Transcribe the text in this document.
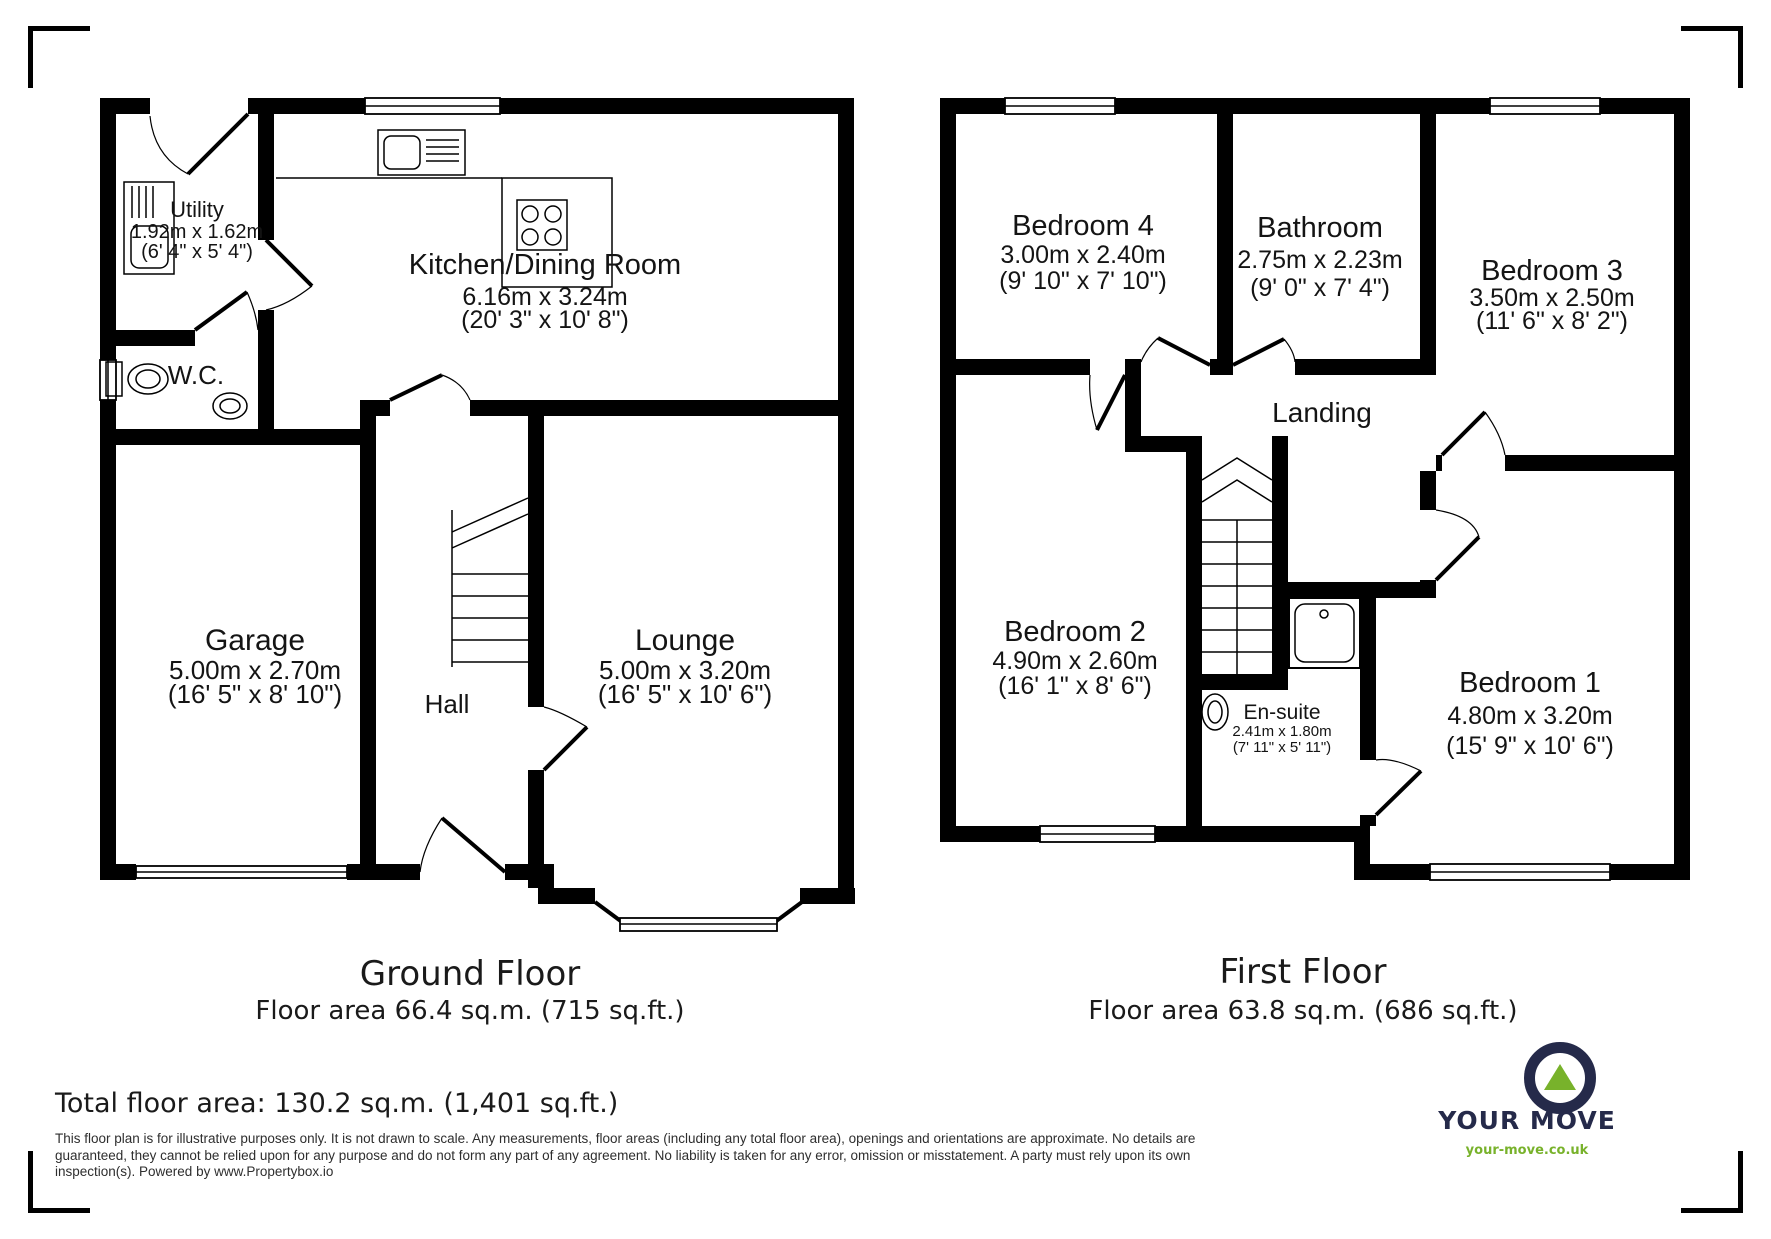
Utility
1.92m x 1.62m
(6' 4" x 5' 4")
W.C.
Kitchen/Dining Room
6.16m x 3.24m
(20' 3" x 10' 8")
Garage
5.00m x 2.70m
(16' 5" x 8' 10")	Hall
Lounge
5.00m x 3.20m
(16' 5" x 10' 6")
Bedroom 4
3.00m x 2.40m
(9' 10" x 7' 10")
Bathroom
2.75m x 2.23m
(9' 0" x 7' 4")
Bedroom 3
3.50m x 2.50m
(11' 6" x 8' 2")
Landing
Bedroom 2
4.90m x 2.60m
(16' 1" x 8' 6")
En-suite
2.41m x 1.80m
(7' 11" x 5' 11")
Bedroom 1
4.80m x 3.20m
(15' 9" x 10' 6")
Ground Floor
Floor area 66.4 sq.m. (715 sq.ft.)
First Floor
Floor area 63.8 sq.m. (686 sq.ft.)
Total floor area: 130.2 sq.m. (1,401 sq.ft.)
This floor plan is for illustrative purposes only. It is not drawn to scale. Any measurements, floor areas (including any total floor area), openings and orientations are approximate. No details are
guaranteed, they cannot be relied upon for any purpose and do not form any part of any agreement. No liability is taken for any error, omission or misstatement. A party must rely upon its own
inspection(s). Powered by www.Propertybox.io
YOUR MOVE
your-move.co.uk
